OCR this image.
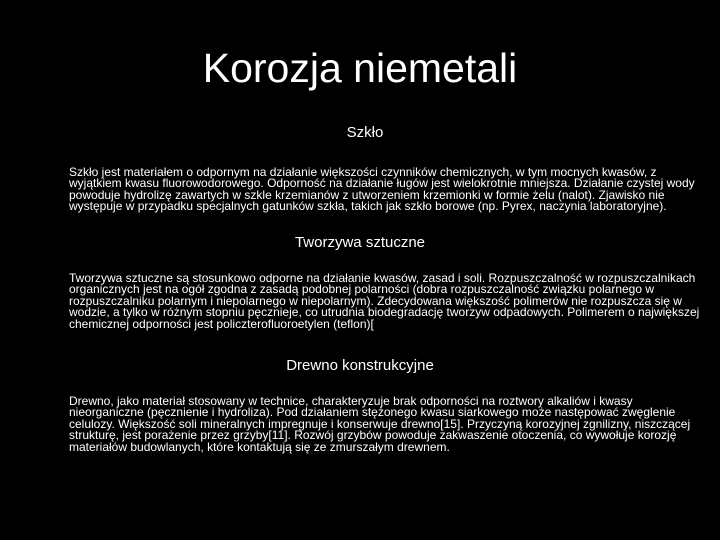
Korozja niemetali
Szkło

Szkło jest materiałem o odpornym na działanie większości czynników chemicznych, w tym mocnych kwasów, z wyjątkiem kwasu fluorowodorowego. Odporność na działanie ługów jest wielokrotnie mniejsza. Działanie czystej wody powoduje hydrolizę zawartych w szkle krzemianów z utworzeniem krzemionki w formie żelu (nalot). Zjawisko nie występuje w przypadku specjalnych gatunków szkła, takich jak szkło borowe (np. Pyrex, naczynia laboratoryjne).

Tworzywa sztuczne

Tworzywa sztuczne są stosunkowo odporne na działanie kwasów, zasad i soli. Rozpuszczalność w rozpuszczalnikach organicznych jest na ogół zgodna z zasadą podobnej polarności (dobra rozpuszczalność związku polarnego w rozpuszczalniku polarnym i niepolarnego w niepolarnym). Zdecydowana większość polimerów nie rozpuszcza się w wodzie, a tylko w różnym stopniu pęcznieje, co utrudnia biodegradację tworzyw odpadowych. Polimerem o największej chemicznej odporności jest policzterofluoroetylen (teflon)[

Drewno konstrukcyjne

Drewno, jako materiał stosowany w technice, charakteryzuje brak odporności na roztwory alkaliów i kwasy nieorganiczne (pęcznienie i hydroliza). Pod działaniem stężonego kwasu siarkowego może następować zwęglenie celulozy. Większość soli mineralnych impregnuje i konserwuje drewno[15]. Przyczyną korozyjnej zgnilizny, niszczącej strukturę, jest porażenie przez grzyby[11]. Rozwój grzybów powoduje zakwaszenie otoczenia, co wywołuje korozję materiałów budowlanych, które kontaktują się ze zmurszałym drewnem.
